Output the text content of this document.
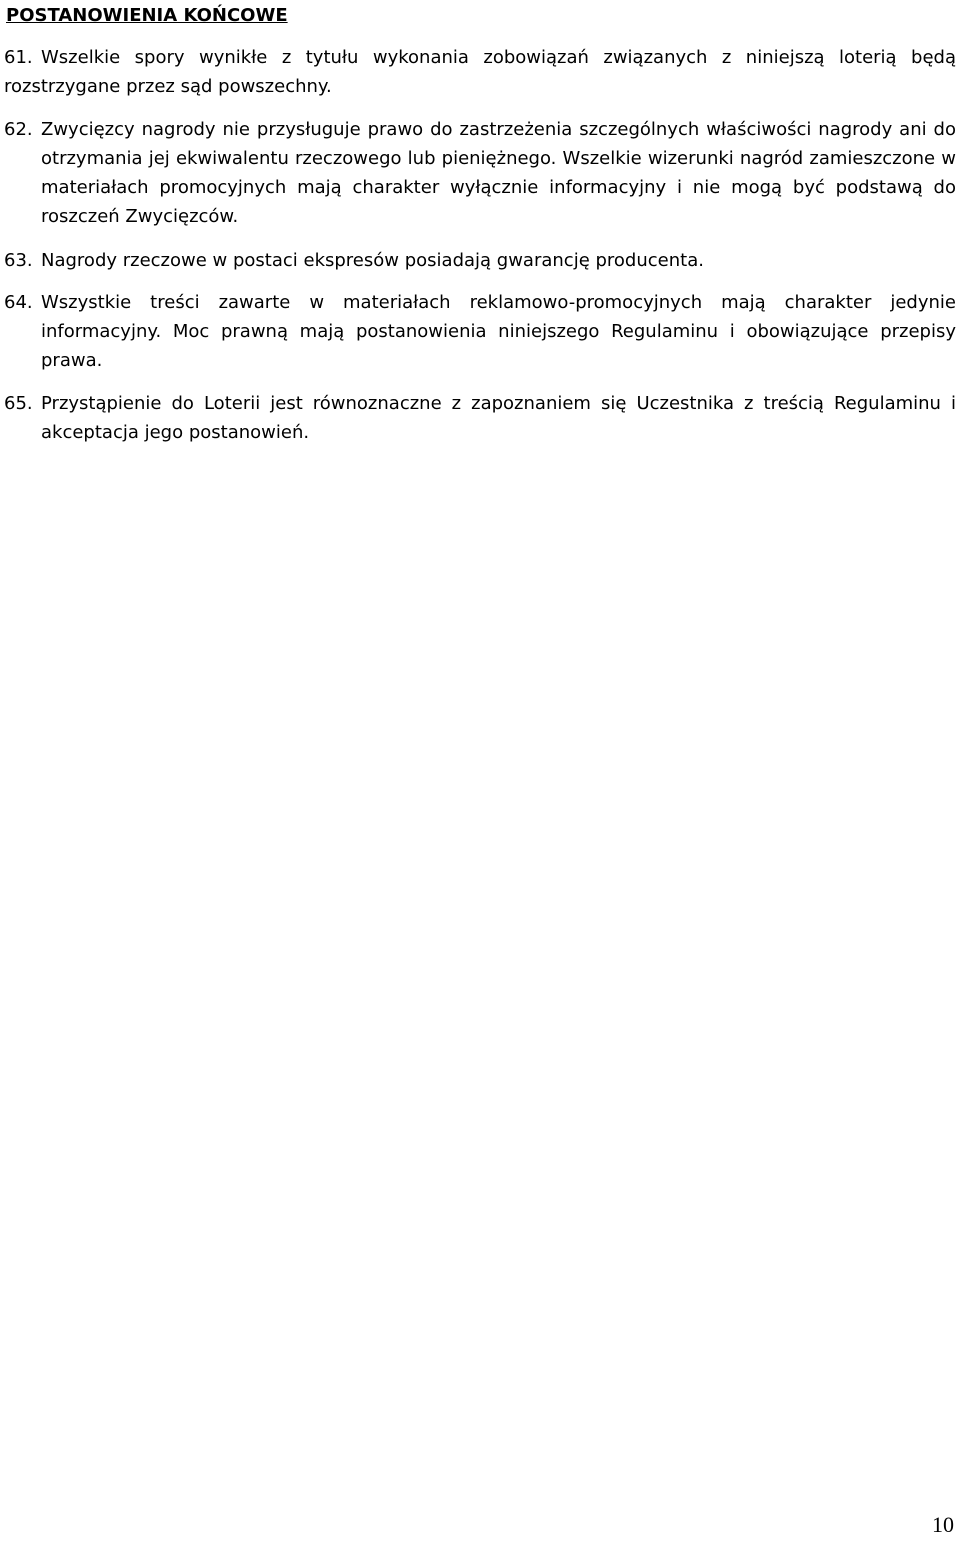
POSTANOWIENIA KOŃCOWE
61. Wszelkie spory wynikłe z tytułu wykonania zobowiązań związanych z niniejszą loterią będą rozstrzygane przez sąd powszechny.
62. Zwycięzcy nagrody nie przysługuje prawo do zastrzeżenia szczególnych właściwości nagrody ani do otrzymania jej ekwiwalentu rzeczowego lub pieniężnego. Wszelkie wizerunki nagród zamieszczone w materiałach promocyjnych mają charakter wyłącznie informacyjny i nie mogą być podstawą do roszczeń Zwycięzców.
63. Nagrody rzeczowe w postaci ekspresów posiadają gwarancję producenta.
64. Wszystkie treści zawarte w materiałach reklamowo-promocyjnych mają charakter jedynie informacyjny. Moc prawną mają postanowienia niniejszego Regulaminu i obowiązujące przepisy prawa.
65. Przystąpienie do Loterii jest równoznaczne z zapoznaniem się Uczestnika z treścią Regulaminu i akceptacja jego postanowień.
10
